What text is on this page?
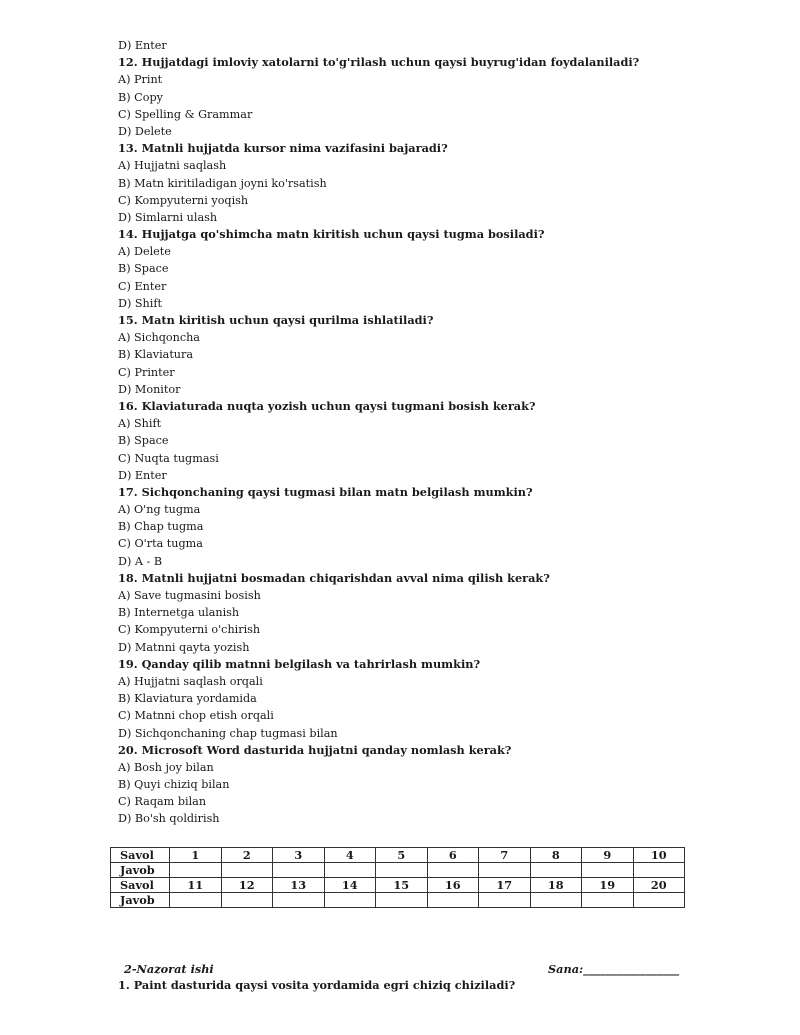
D) Enter
12. Hujjatdagi imloviy xatolarni to'g'rilash uchun qaysi buyrug'idan foydalaniladi?
A) Print
B) Copy
C) Spelling & Grammar
D) Delete
13. Matnli hujjatda kursor nima vazifasini bajaradi?
A) Hujjatni saqlash
B) Matn kiritiladigan joyni ko'rsatish
C) Kompyuterni yoqish
D) Simlarni ulash
14. Hujjatga qo'shimcha matn kiritish uchun qaysi tugma bosiladi?
A) Delete
B) Space
C) Enter
D) Shift
15. Matn kiritish uchun qaysi qurilma ishlatiladi?
A) Sichqoncha
B) Klaviatura
C) Printer
D) Monitor
16. Klaviaturada nuqta yozish uchun qaysi tugmani bosish kerak?
A) Shift
B) Space
C) Nuqta tugmasi
D) Enter
17. Sichqonchaning qaysi tugmasi bilan matn belgilash mumkin?
A) O'ng tugma
B) Chap tugma
C) O'rta tugma
D) A - B
18. Matnli hujjatni bosmadan chiqarishdan avval nima qilish kerak?
A) Save tugmasini bosish
B) Internetga ulanish
C) Kompyuterni o'chirish
D) Matnni qayta yozish
19. Qanday qilib matnni belgilash va tahrirlash mumkin?
A) Hujjatni saqlash orqali
B) Klaviatura yordamida
C) Matnni chop etish orqali
D) Sichqonchaning chap tugmasi bilan
20. Microsoft Word dasturida hujjatni qanday nomlash kerak?
A) Bosh joy bilan
B) Quyi chiziq bilan
C) Raqam bilan
D) Bo'sh qoldirish
Savol	1	2	3	4	5	6	7	8	9	10
Javob										
Savol	11	12	13	14	15	16	17	18	19	20
Javob										
2-Nazorat ishi	Sana:_________________
1. Paint dasturida qaysi vosita yordamida egri chiziq chiziladi?
